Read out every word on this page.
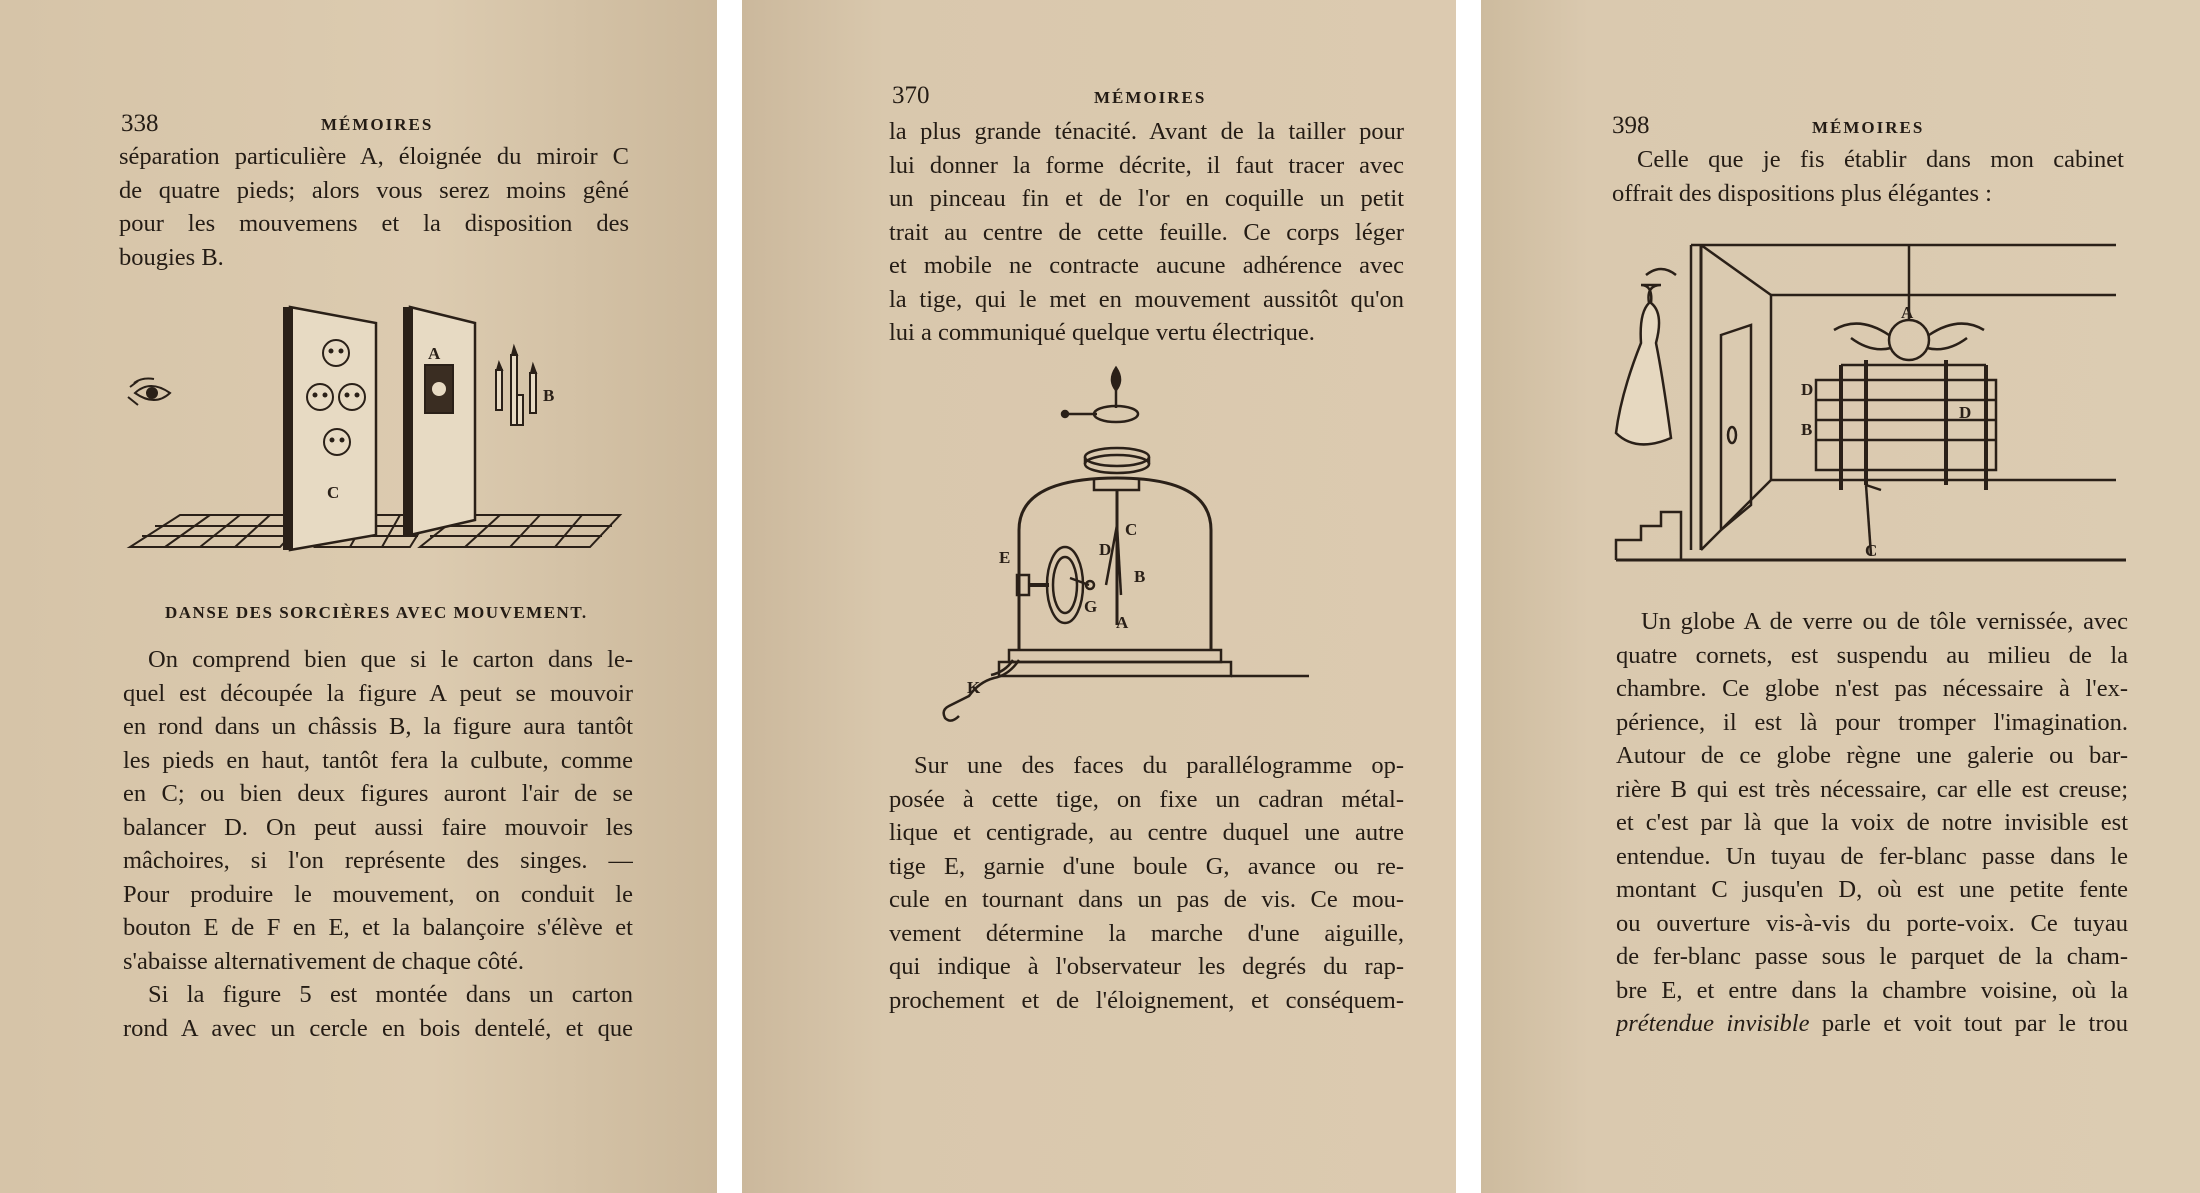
338	MÉMOIRES
séparation particulière A, éloignée du miroir C
de quatre pieds; alors vous serez moins gêné
pour les mouvemens et la disposition des
bougies B.
C
A
B
DANSE DES SORCIÈRES AVEC MOUVEMENT.
On comprend bien que si le carton dans le-
quel est découpée la figure A peut se mouvoir
en rond dans un châssis B, la figure aura tantôt
les pieds en haut, tantôt fera la culbute, comme
en C; ou bien deux figures auront l'air de se
balancer D. On peut aussi faire mouvoir les
mâchoires, si l'on représente des singes. —
Pour produire le mouvement, on conduit le
bouton E de F en E, et la balançoire s'élève et
s'abaisse alternativement de chaque côté.
Si la figure 5 est montée dans un carton
rond A avec un cercle en bois dentelé, et que
370	MÉMOIRES
la plus grande ténacité. Avant de la tailler pour
lui donner la forme décrite, il faut tracer avec
un pinceau fin et de l'or en coquille un petit
trait au centre de cette feuille. Ce corps léger
et mobile ne contracte aucune adhérence avec
la tige, qui le met en mouvement aussitôt qu'on
lui a communiqué quelque vertu électrique.
C
D
B
A
E
G
K
Sur une des faces du parallélogramme op-
posée à cette tige, on fixe un cadran métal-
lique et centigrade, au centre duquel une autre
tige E, garnie d'une boule G, avance ou re-
cule en tournant dans un pas de vis. Ce mou-
vement détermine la marche d'une aiguille,
qui indique à l'observateur les degrés du rap-
prochement et de l'éloignement, et conséquem-
398	MÉMOIRES
Celle que je fis établir dans mon cabinet
offrait des dispositions plus élégantes :
A
D
B
D
C
Un globe A de verre ou de tôle vernissée, avec
quatre cornets, est suspendu au milieu de la
chambre. Ce globe n'est pas nécessaire à l'ex-
périence, il est là pour tromper l'imagination.
Autour de ce globe règne une galerie ou bar-
rière B qui est très nécessaire, car elle est creuse;
et c'est par là que la voix de notre invisible est
entendue. Un tuyau de fer-blanc passe dans le
montant C jusqu'en D, où est une petite fente
ou ouverture vis-à-vis du porte-voix. Ce tuyau
de fer-blanc passe sous le parquet de la cham-
bre E, et entre dans la chambre voisine, où la
prétendue invisible parle et voit tout par le trou
